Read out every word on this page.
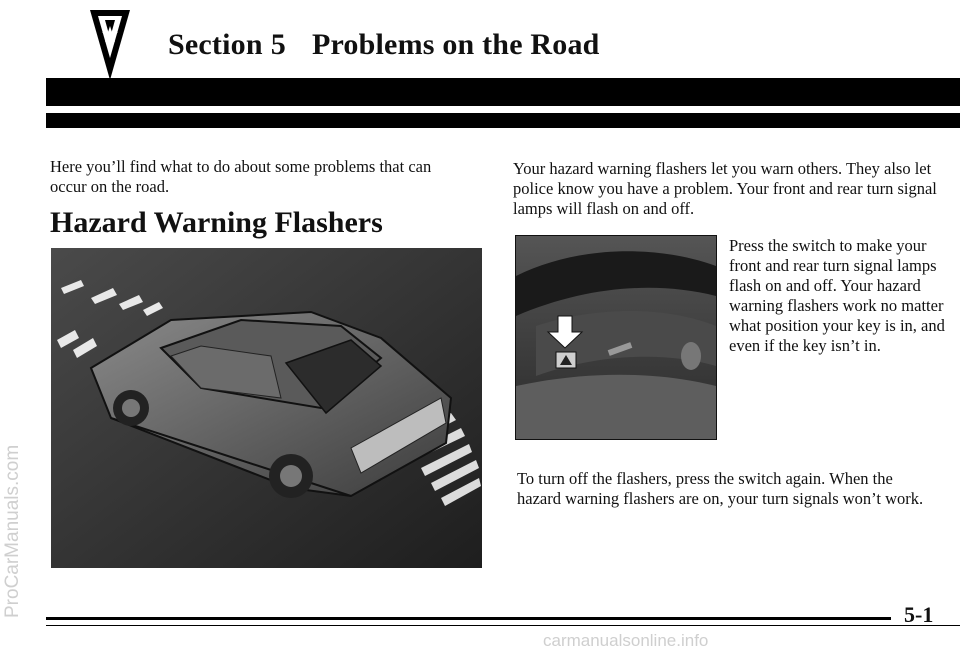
Section 5 Problems on the Road
Here you’ll find what to do about some problems that can occur on the road.
Hazard Warning Flashers
Your hazard warning flashers let you warn others. They also let police know you have a problem. Your front and rear turn signal lamps will flash on and off.
Press the switch to make your front and rear turn signal lamps flash on and off. Your hazard warning flashers work no matter what position your key is in, and even if the key isn’t in.
To turn off the flashers, press the switch again. When the hazard warning flashers are on, your turn signals won’t work.
5-1
ProCarManuals.com
carmanualsonline.info
